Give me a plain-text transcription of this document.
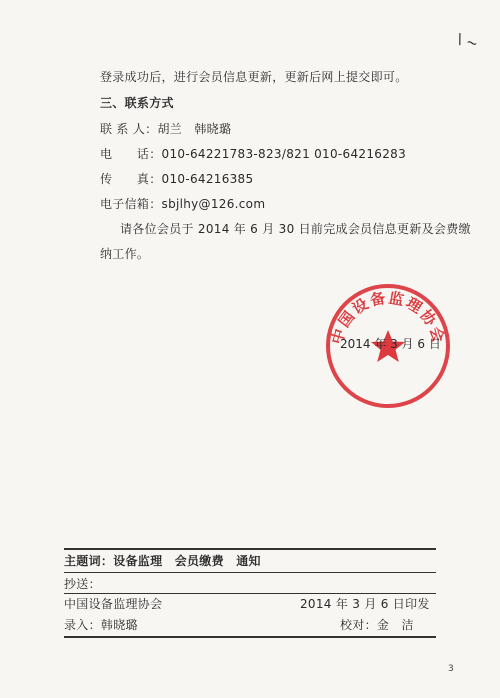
\ ~
登录成功后，进行会员信息更新，更新后网上提交即可。
三、联系方式
联 系 人：胡兰　韩晓璐
电　　话：010-64221783-823/821 010-64216283
传　　真：010-64216385
电子信箱：sbjlhy@126.com
请各位会员于 2014 年 6 月 30 日前完成会员信息更新及会费缴
纳工作。
中国设备监理协会
2014 年 3 月 6 日
主题词：设备监理　会员缴费　通知
抄送：
中国设备监理协会	2014 年 3 月 6 日印发
录入：韩晓璐	校对：金　洁
3
